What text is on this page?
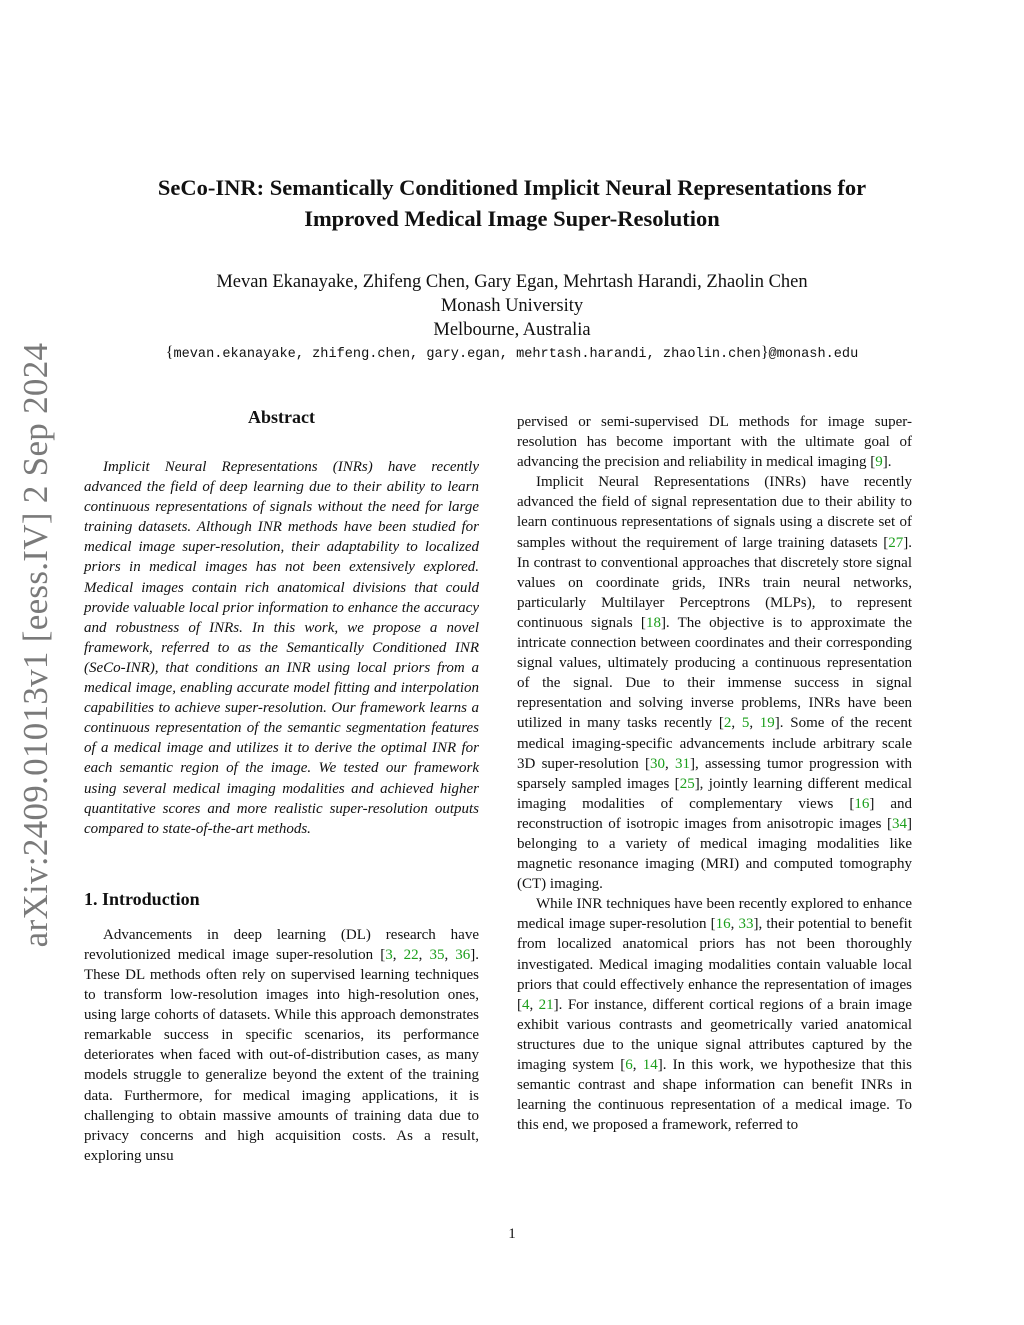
arXiv:2409.01013v1 [eess.IV] 2 Sep 2024
SeCo-INR: Semantically Conditioned Implicit Neural Representations for
Improved Medical Image Super-Resolution
Mevan Ekanayake, Zhifeng Chen, Gary Egan, Mehrtash Harandi, Zhaolin Chen
Monash University
Melbourne, Australia
{mevan.ekanayake, zhifeng.chen, gary.egan, mehrtash.harandi, zhaolin.chen}@monash.edu

Abstract

Implicit Neural Representations (INRs) have recently advanced the field of deep learning due to their ability to learn continuous representations of signals without the need for large training datasets. Although INR methods have been studied for medical image super-resolution, their adaptability to localized priors in medical images has not been extensively explored. Medical images contain rich anatomical divisions that could provide valuable local prior information to enhance the accuracy and robustness of INRs. In this work, we propose a novel framework, referred to as the Semantically Conditioned INR (SeCo-INR), that conditions an INR using local priors from a medical image, enabling accurate model fitting and interpolation capabilities to achieve super-resolution. Our framework learns a continuous representation of the semantic segmentation features of a medical image and utilizes it to derive the optimal INR for each semantic region of the image. We tested our framework using several medical imaging modalities and achieved higher quantitative scores and more realistic super-resolution outputs compared to state-of-the-art methods.

1. Introduction

Advancements in deep learning (DL) research have revolutionized medical image super-resolution [3, 22, 35, 36]. These DL methods often rely on supervised learning techniques to transform low-resolution images into high-resolution ones, using large cohorts of datasets. While this approach demonstrates remarkable success in specific scenarios, its performance deteriorates when faced with out-of-distribution cases, as many models struggle to generalize beyond the extent of the training data. Furthermore, for medical imaging applications, it is challenging to obtain massive amounts of training data due to privacy concerns and high acquisition costs. As a result, exploring unsu

pervised or semi-supervised DL methods for image super-resolution has become important with the ultimate goal of advancing the precision and reliability in medical imaging [9].

Implicit Neural Representations (INRs) have recently advanced the field of signal representation due to their ability to learn continuous representations of signals using a discrete set of samples without the requirement of large training datasets [27]. In contrast to conventional approaches that discretely store signal values on coordinate grids, INRs train neural networks, particularly Multilayer Perceptrons (MLPs), to represent continuous signals [18]. The objective is to approximate the intricate connection between coordinates and their corresponding signal values, ultimately producing a continuous representation of the signal. Due to their immense success in signal representation and solving inverse problems, INRs have been utilized in many tasks recently [2, 5, 19]. Some of the recent medical imaging-specific advancements include arbitrary scale 3D super-resolution [30, 31], assessing tumor progression with sparsely sampled images [25], jointly learning different medical imaging modalities of complementary views [16] and reconstruction of isotropic images from anisotropic images [34] belonging to a variety of medical imaging modalities like magnetic resonance imaging (MRI) and computed tomography (CT) imaging.

While INR techniques have been recently explored to enhance medical image super-resolution [16, 33], their potential to benefit from localized anatomical priors has not been thoroughly investigated. Medical imaging modalities contain valuable local priors that could effectively enhance the representation of images [4, 21]. For instance, different cortical regions of a brain image exhibit various contrasts and geometrically varied anatomical structures due to the unique signal attributes captured by the imaging system [6, 14]. In this work, we hypothesize that this semantic contrast and shape information can benefit INRs in learning the continuous representation of a medical image. To this end, we proposed a framework, referred to

1
